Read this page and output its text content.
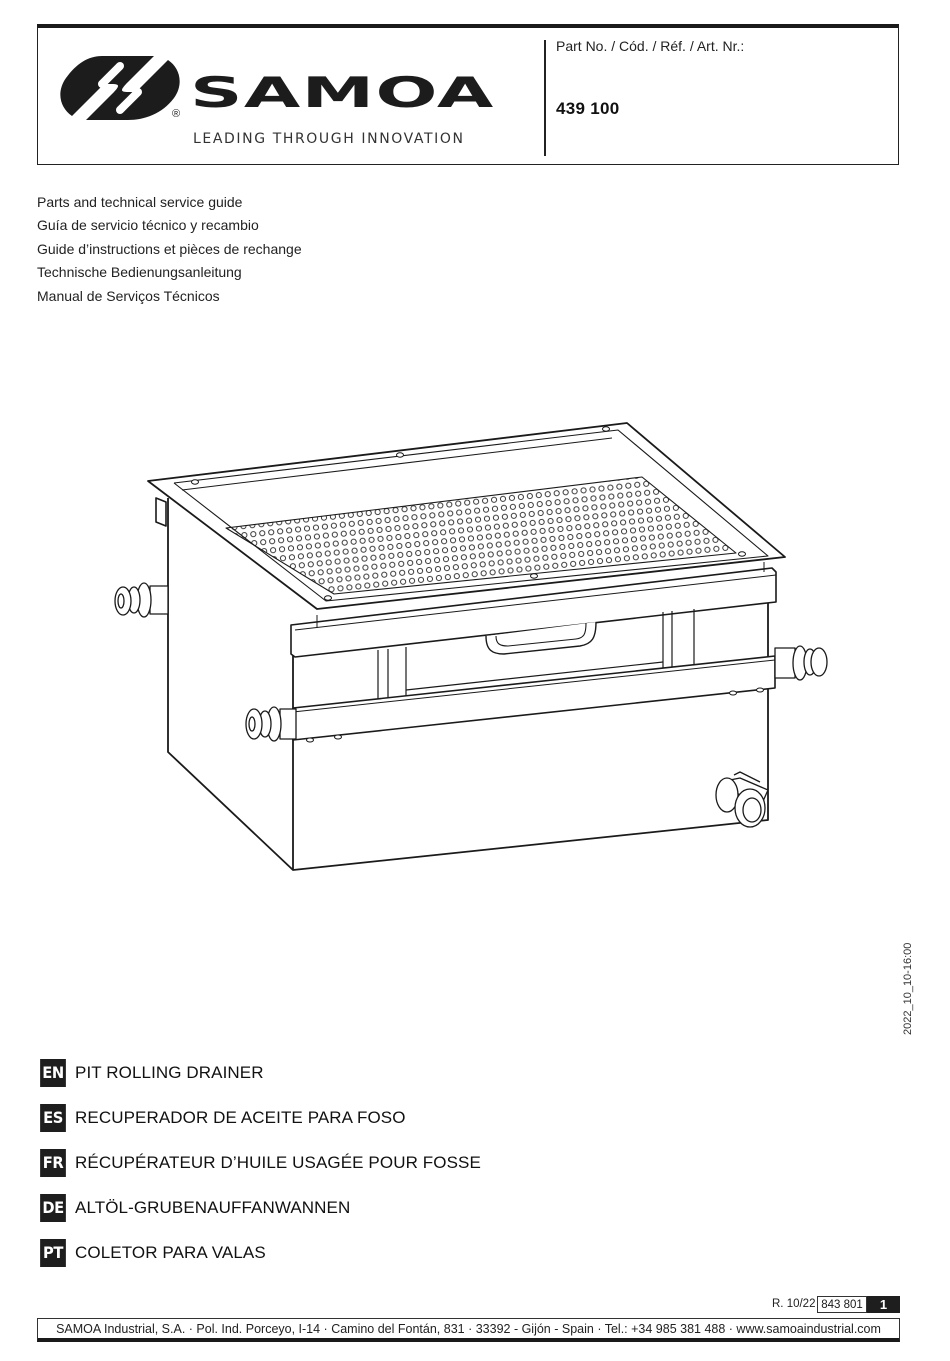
® SAMOA
LEADING THROUGH INNOVATION
Part No. / Cód. / Réf. / Art. Nr.:
439 100
Parts and technical service guide
Guía de servicio técnico y recambio
Guide d’instructions et pièces de rechange
Technische Bedienungsanleitung
Manual de Serviços Técnicos
2022_10_10-16:00
EN PIT ROLLING DRAINER
ES RECUPERADOR DE ACEITE PARA FOSO
FR RÉCUPÉRATEUR D’HUILE USAGÉE POUR FOSSE
DE ALTÖL-GRUBENAUFFANWANNEN
PT COLETOR PARA VALAS
R. 10/22 843 801	1
SAMOA Industrial, S.A. · Pol. Ind. Porceyo, I-14 · Camino del Fontán, 831 · 33392 - Gijón - Spain · Tel.: +34 985 381 488 · www.samoaindustrial.com
